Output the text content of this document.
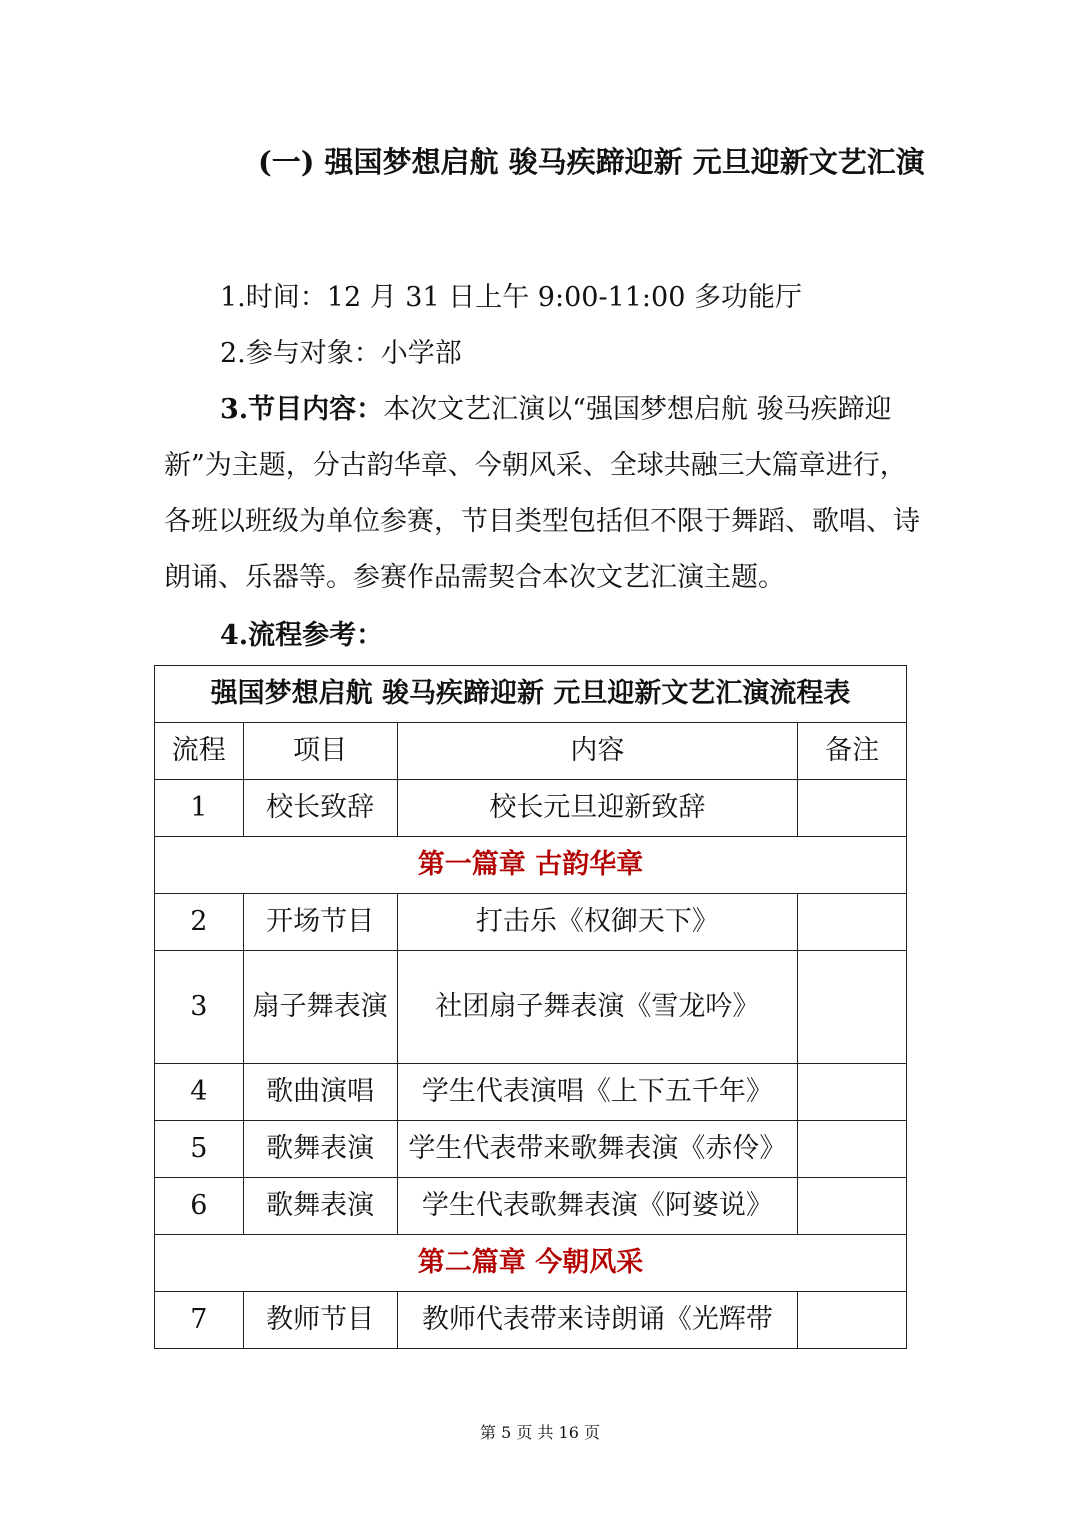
(一) 强国梦想启航 骏马疾蹄迎新 元旦迎新文艺汇演
1.时间：12 月 31 日上午 9:00-11:00 多功能厅
2.参与对象：小学部
3.节目内容：本次文艺汇演以“强国梦想启航 骏马疾蹄迎新”为主题，分古韵华章、今朝风采、全球共融三大篇章进行，各班以班级为单位参赛，节目类型包括但不限于舞蹈、歌唱、诗朗诵、乐器等。参赛作品需契合本次文艺汇演主题。
4.流程参考：
强国梦想启航 骏马疾蹄迎新 元旦迎新文艺汇演流程表			
流程	项目	内容	备注
1	校长致辞	校长元旦迎新致辞	
第一篇章 古韵华章			
2	开场节目	打击乐《权御天下》	
3	扇子舞表演	社团扇子舞表演《雪龙吟》	
4	歌曲演唱	学生代表演唱《上下五千年》	
5	歌舞表演	学生代表带来歌舞表演《赤伶》	
6	歌舞表演	学生代表歌舞表演《阿婆说》	
第二篇章 今朝风采			
7	教师节目	教师代表带来诗朗诵《光辉带	
第 5 页 共 16 页
